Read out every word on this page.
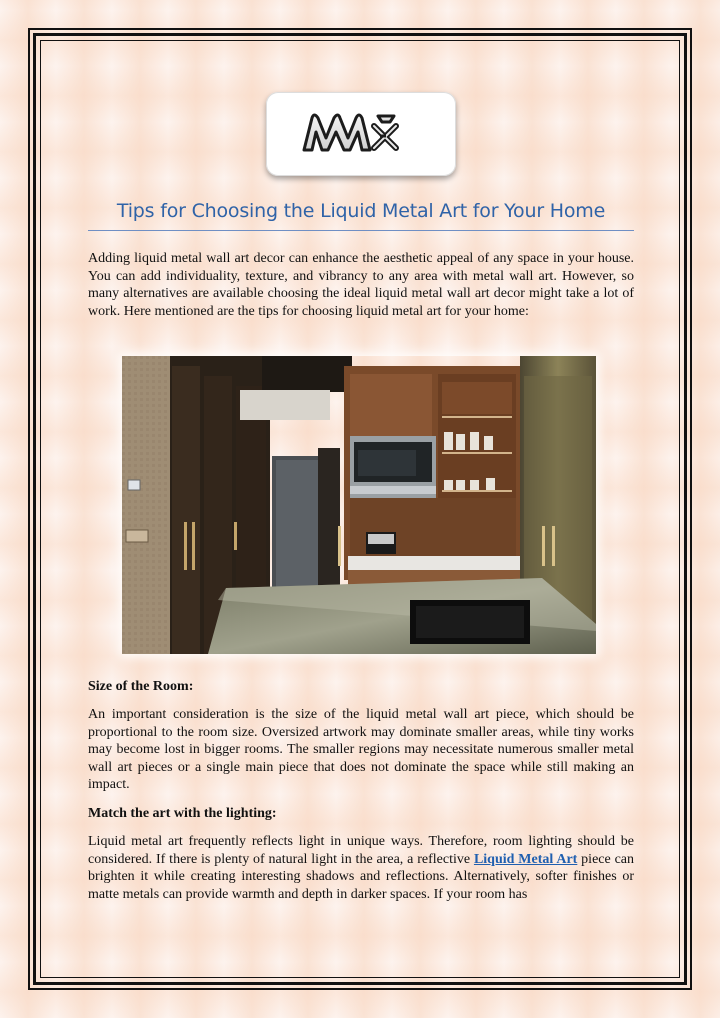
Tips for Choosing the Liquid Metal Art for Your Home

Adding liquid metal wall art decor can enhance the aesthetic appeal of any space in your house. You can add individuality, texture, and vibrancy to any area with metal wall art. However, so many alternatives are available choosing the ideal liquid metal wall art decor might take a lot of work. Here mentioned are the tips for choosing liquid metal art for your home:

Size of the Room:

An important consideration is the size of the liquid metal wall art piece, which should be proportional to the room size. Oversized artwork may dominate smaller areas, while tiny works may become lost in bigger rooms. The smaller regions may necessitate numerous smaller metal wall art pieces or a single main piece that does not dominate the space while still making an impact.

Match the art with the lighting:

Liquid metal art frequently reflects light in unique ways. Therefore, room lighting should be considered. If there is plenty of natural light in the area, a reflective Liquid Metal Art piece can brighten it while creating interesting shadows and reflections. Alternatively, softer finishes or matte metals can provide warmth and depth in darker spaces. If your room has
